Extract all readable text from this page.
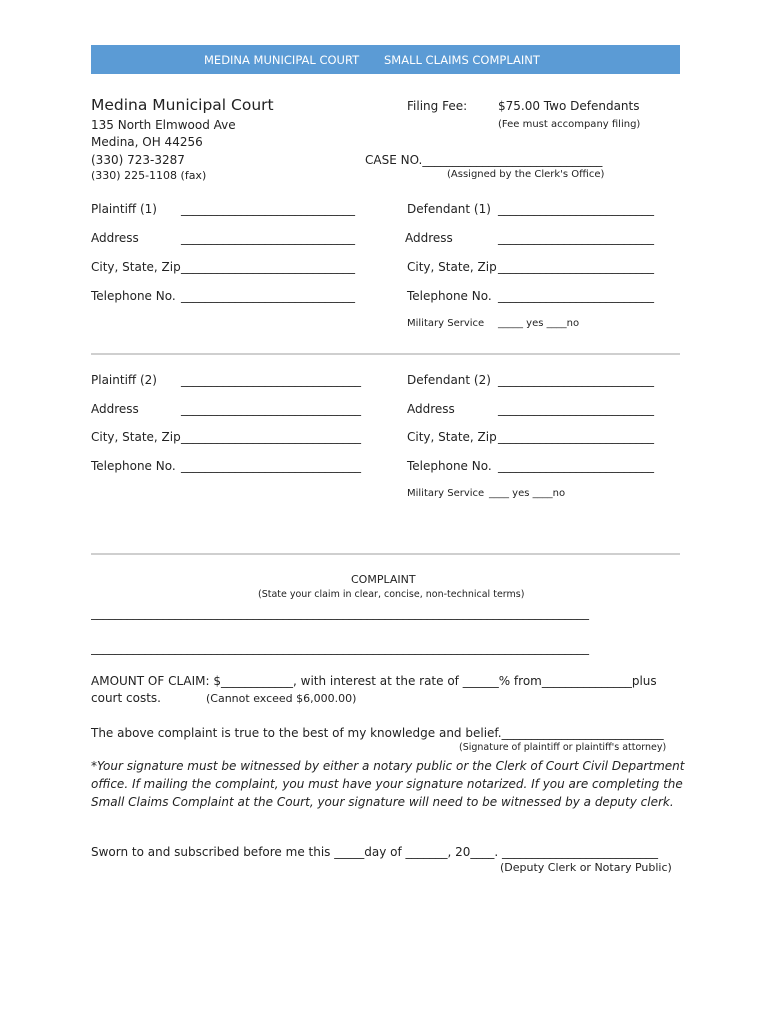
MEDINA MUNICIPAL COURT SMALL CLAIMS COMPLAINT
Medina Municipal Court
135 North Elmwood Ave
Medina, OH 44256
(330) 723-3287
(330) 225-1108 (fax)
Filing Fee:	$75.00 Two Defendants
(Fee must accompany filing)
CASE NO.______________________________
(Assigned by the Clerk's Office)
Plaintiff (1) _____________________________	Defendant (1) __________________________
Address	_____________________________	Address	__________________________
City, State, Zip _____________________________	City, State, Zip __________________________
Telephone No. _____________________________	Telephone No. __________________________
Military Service _____ yes ____no
Plaintiff (2) ______________________________	Defendant (2) __________________________
Address	______________________________	Address	__________________________
City, State, Zip ______________________________	City, State, Zip __________________________
Telephone No. ______________________________	Telephone No. __________________________
Military Service ____ yes ____no
COMPLAINT
(State your claim in clear, concise, non-technical terms)
___________________________________________________________________________________
___________________________________________________________________________________
AMOUNT OF CLAIM: $____________, with interest at the rate of ______% from_______________plus
court costs.	(Cannot exceed $6,000.00)
The above complaint is true to the best of my knowledge and belief.___________________________
(Signature of plaintiff or plaintiff's attorney)
*Your signature must be witnessed by either a notary public or the Clerk of Court Civil Department office. If mailing the complaint, you must have your signature notarized. If you are completing the Small Claims Complaint at the Court, your signature will need to be witnessed by a deputy clerk.
Sworn to and subscribed before me this _____day of _______, 20____. __________________________
(Deputy Clerk or Notary Public)
